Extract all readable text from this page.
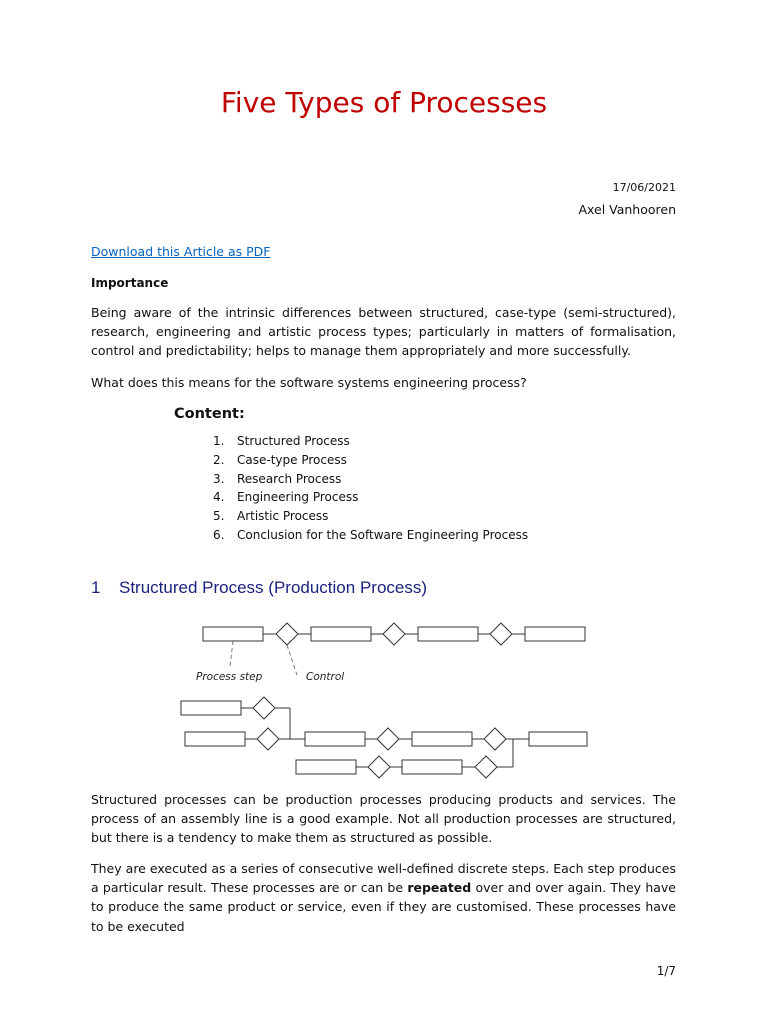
Five Types of Processes
17/06/2021
Axel Vanhooren
Download this Article as PDF
Importance

Being aware of the intrinsic differences between structured, case-type (semi-structured), research, engineering and artistic process types; particularly in matters of formalisation, control and predictability; helps to manage them appropriately and more successfully.

What does this means for the software systems engineering process?

Content:
1. Structured Process
2. Case-type Process
3. Research Process
4. Engineering Process
5. Artistic Process
6. Conclusion for the Software Engineering Process
1 Structured Process (Production Process)
Process step	Control

Structured processes can be production processes producing products and services. The process of an assembly line is a good example. Not all production processes are structured, but there is a tendency to make them as structured as possible.

They are executed as a series of consecutive well-defined discrete steps. Each step produces a particular result. These processes are or can be repeated over and over again. They have to produce the same product or service, even if they are customised. These processes have to be executed

1/7
